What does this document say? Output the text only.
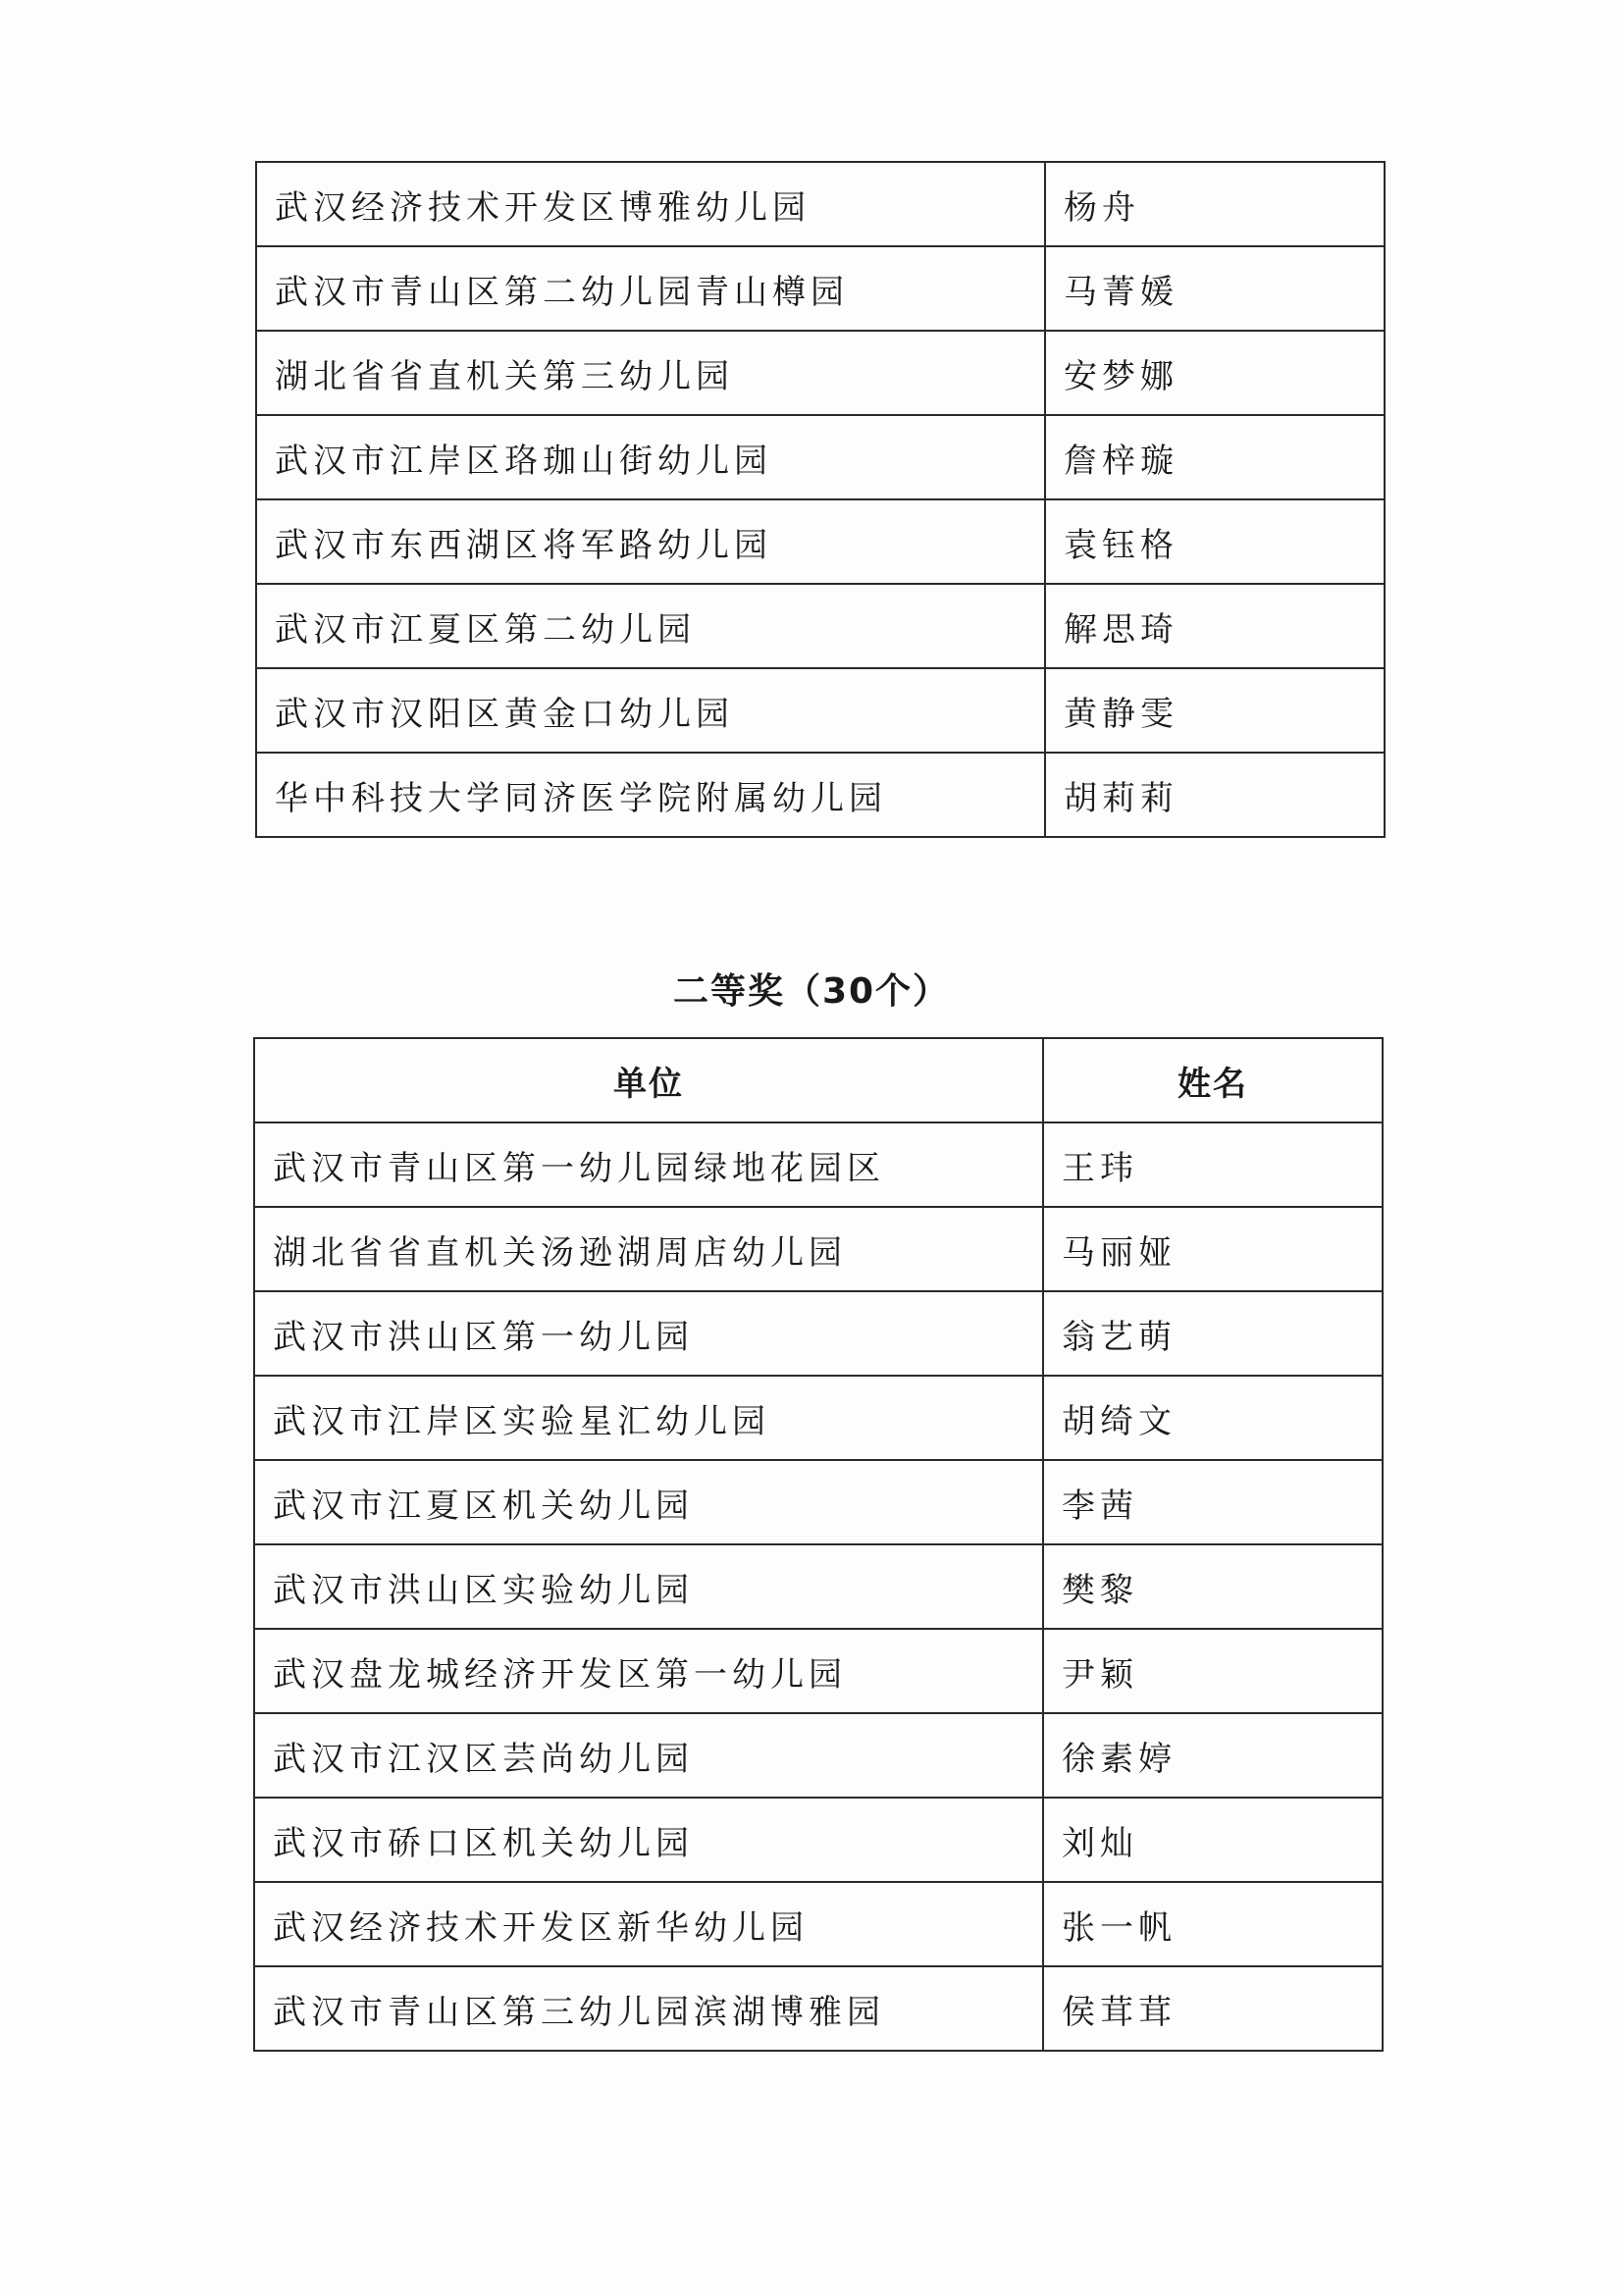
武汉经济技术开发区博雅幼儿园	杨舟
武汉市青山区第二幼儿园青山樽园	马菁媛
湖北省省直机关第三幼儿园	安梦娜
武汉市江岸区珞珈山街幼儿园	詹梓璇
武汉市东西湖区将军路幼儿园	袁钰格
武汉市江夏区第二幼儿园	解思琦
武汉市汉阳区黄金口幼儿园	黄静雯
华中科技大学同济医学院附属幼儿园	胡莉莉
二等奖（30个）
单位	姓名
武汉市青山区第一幼儿园绿地花园区	王玮
湖北省省直机关汤逊湖周店幼儿园	马丽娅
武汉市洪山区第一幼儿园	翁艺萌
武汉市江岸区实验星汇幼儿园	胡绮文
武汉市江夏区机关幼儿园	李茜
武汉市洪山区实验幼儿园	樊黎
武汉盘龙城经济开发区第一幼儿园	尹颖
武汉市江汉区芸尚幼儿园	徐素婷
武汉市硚口区机关幼儿园	刘灿
武汉经济技术开发区新华幼儿园	张一帆
武汉市青山区第三幼儿园滨湖博雅园	侯茸茸
